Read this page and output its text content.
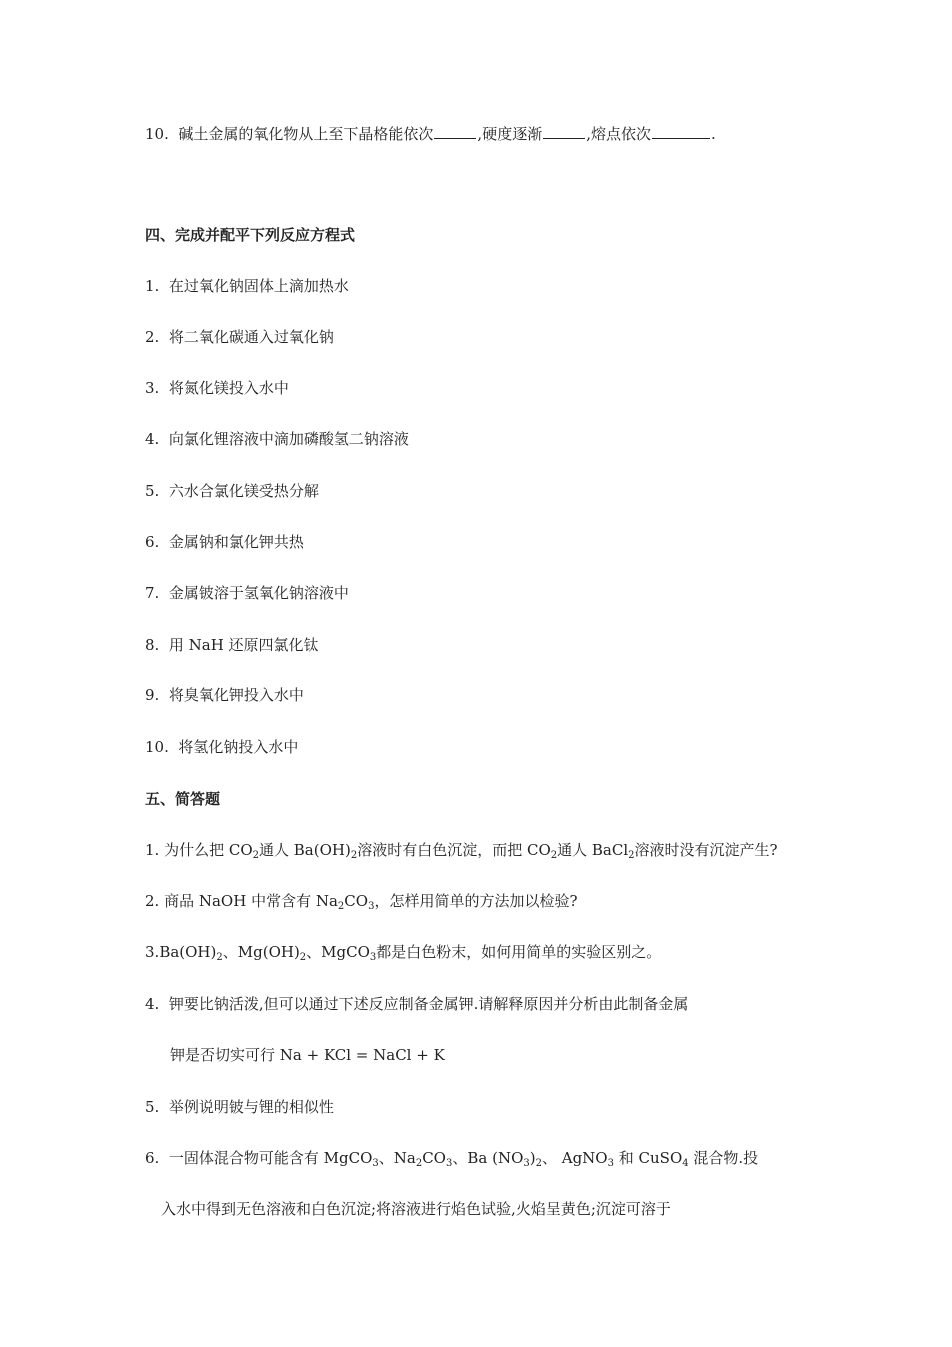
10. 碱土金属的氧化物从上至下晶格能依次	,硬度逐渐	,熔点依次	.
四、完成并配平下列反应方程式
1. 在过氧化钠固体上滴加热水
2. 将二氧化碳通入过氧化钠
3. 将氮化镁投入水中
4. 向氯化锂溶液中滴加磷酸氢二钠溶液
5. 六水合氯化镁受热分解
6. 金属钠和氯化钾共热
7. 金属铍溶于氢氧化钠溶液中
8. 用 NaH 还原四氯化钛
9. 将臭氧化钾投入水中
10. 将氢化钠投入水中
五、简答题
1. 为什么把 $CO_2$通人 $Ba(OH)_2$溶液时有白色沉淀，而把 $CO_2$通人 BaCl$_2$溶液时没有沉淀产生?
2. 商品 NaOH 中常含有 $Na_2CO_3$，怎样用简单的方法加以检验?
$3.Ba(OH)_2$、$Mg(OH)_2$、MgCO$_3$都是白色粉末，如何用简单的实验区别之。
4. 钾要比钠活泼,但可以通过下述反应制备金属钾.请解释原因并分析由此制备金属
钾是否切实可行 Na + KCl = NaCl + K
5. 举例说明铍与锂的相似性
6. 一固体混合物可能含有 MgCO$_3$、$Na_2CO_3$、Ba $(NO_3)_2$、 AgNO$_3$ 和 CuSO$_4$ 混合物.投
入水中得到无色溶液和白色沉淀;将溶液进行焰色试验,火焰呈黄色;沉淀可溶于
